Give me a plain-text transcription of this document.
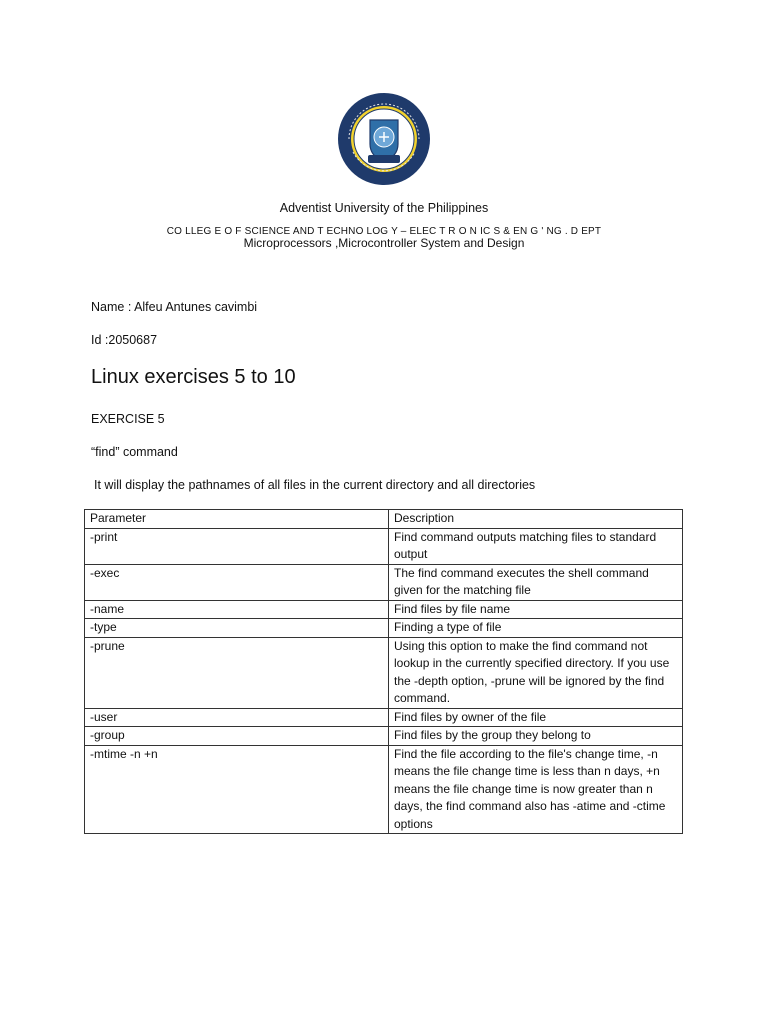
Adventist University of the Philippines
CO LLEG E O F SCIENCE AND T ECHNO LOG Y – ELEC T R O N IC S & EN G ' NG . D EPT
Microprocessors ,Microcontroller System and Design
Name : Alfeu Antunes cavimbi
Id :2050687
Linux exercises 5 to 10
EXERCISE 5
“find” command
It will display the pathnames of all files in the current directory and all directories
Parameter	Description
-print	Find command outputs matching files to standard output
-exec	The find command executes the shell command given for the matching file
-name	Find files by file name
-type	Finding a type of file
-prune	Using this option to make the find command not lookup in the currently specified directory. If you use the -depth option, -prune will be ignored by the find command.
-user	Find files by owner of the file
-group	Find files by the group they belong to
-mtime -n +n	Find the file according to the file's change time, -n means the file change time is less than n days, +n means the file change time is now greater than n days, the find command also has -atime and -ctime options
